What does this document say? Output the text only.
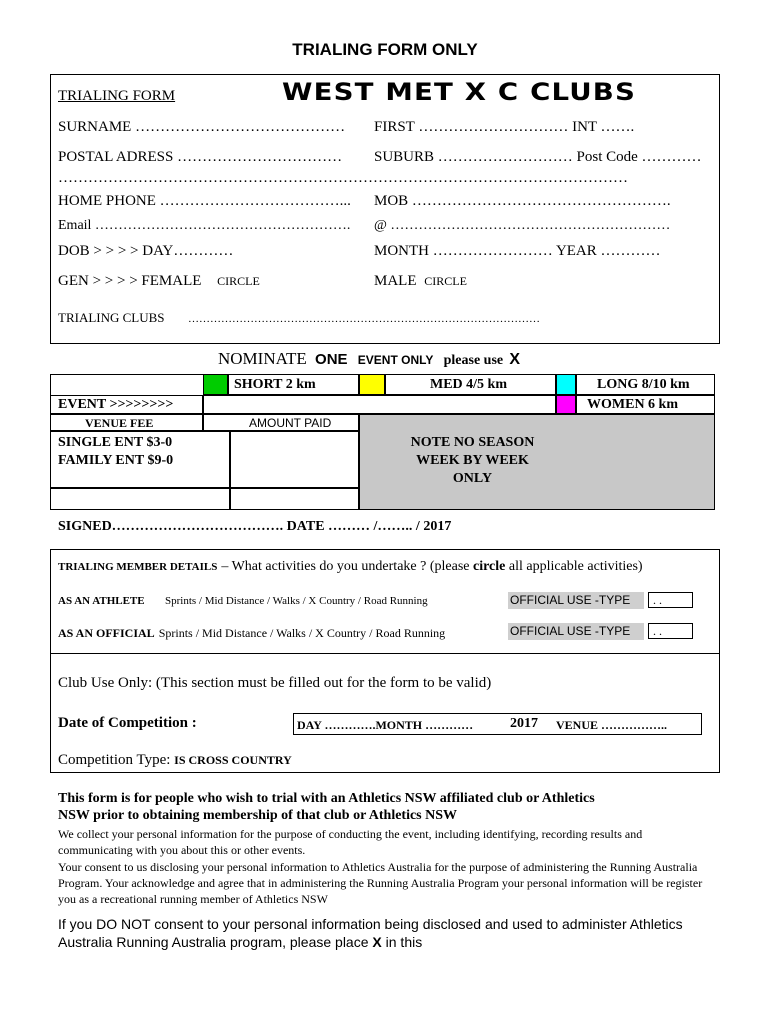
TRIALING FORM ONLY
TRIALING FORM	WEST MET X C CLUBS
SURNAME …………………………………… FIRST ………………………… INT …….
POSTAL ADRESS …………………………… SUBURB ……………………… Post Code …………
……………………………………………………………………………………………………
HOME PHONE ………………………………... MOB …………………………………………….
Email ………………………………………………. @ ……………………………………………………
DOB > > > > DAY…………	MONTH …………………… YEAR …………
GEN > > > > FEMALE CIRCLE	MALE CIRCLE
TRIALING CLUBS ……………………………………………………………………………………
NOMINATE ONE EVENT ONLY please use X
SHORT 2 km	MED 4/5 km	LONG 8/10 km
EVENT >>>>>>>>	WOMEN 6 km
VENUE FEE	AMOUNT PAID
SINGLE ENT $3-0
FAMILY ENT $9-0
NOTE NO SEASON
WEEK BY WEEK
ONLY
SIGNED………………………………. DATE ……… /…….. / 2017
TRIALING MEMBER DETAILS – What activities do you undertake ? (please circle all applicable activities)
AS AN ATHLETE Sprints / Mid Distance / Walks / X Country / Road Running	OFFICIAL USE -TYPE	. .
AS AN OFFICIAL Sprints / Mid Distance / Walks / X Country / Road Running	OFFICIAL USE -TYPE	. .
Club Use Only: (This section must be filled out for the form to be valid)
Date of Competition :	DAY ………….MONTH …………	2017 VENUE ……………..
Competition Type: IS CROSS COUNTRY
This form is for people who wish to trial with an Athletics NSW affiliated club or Athletics
NSW prior to obtaining membership of that club or Athletics NSW
We collect your personal information for the purpose of conducting the event, including identifying, recording results and communicating with you about this or other events.
Your consent to us disclosing your personal information to Athletics Australia for the purpose of administering the Running Australia Program. Your acknowledge and agree that in administering the Running Australia Program your personal information will be register you as a recreational running member of Athletics NSW
If you DO NOT consent to your personal information being disclosed and used to administer Athletics Australia Running Australia program, please place X in this
